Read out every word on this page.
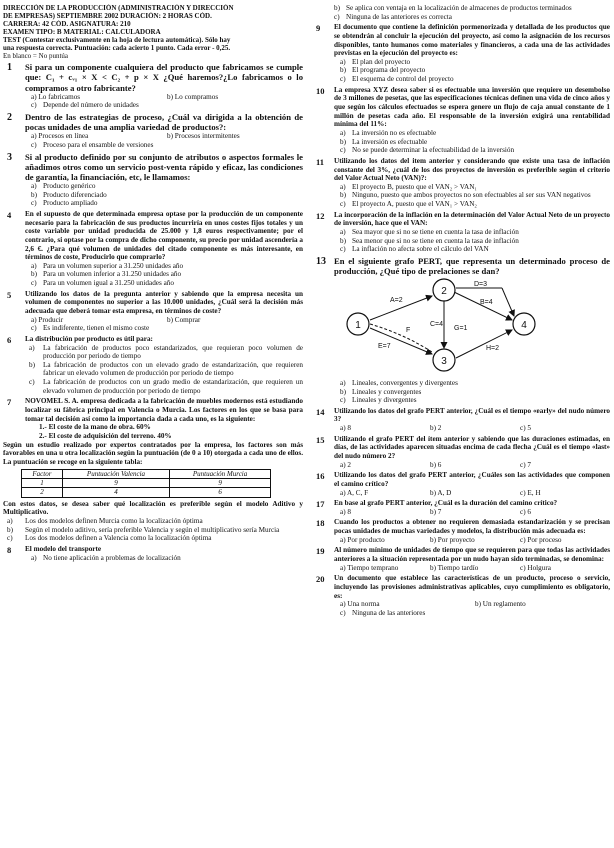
DIRECCIÓN DE LA PRODUCCIÓN (ADMINISTRACIÓN Y DIRECCIÓN
DE EMPRESAS) SEPTIEMBRE 2002 DURACIÓN: 2 HORAS CÓD.
CARRERA: 42 CÓD. ASIGNATURA: 210
EXAMEN TIPO: B MATERIAL: CALCULADORA
TEST (Contestar exclusivamente en la hoja de lectura automática). Sólo hay
una respuesta correcta. Puntuación: cada acierto 1 punto. Cada error - 0,25.
En blanco = No puntúa
1	Si para un componente cualquiera del producto que fabricamos se cumple que: C₁ + cᵥ₁ × X < C₂ + p × X ¿Qué haremos?¿Lo fabricamos o lo compramos a otro fabricante?
a) Lo fabricamos	b) Lo compramos
c) Depende del número de unidades
2	Dentro de las estrategias de proceso, ¿Cuál va dirigida a la obtención de pocas unidades de una amplia variedad de productos?:
a) Procesos en línea	b) Procesos intermitentes
c) Proceso para el ensamble de versiones
3	Si al producto definido por su conjunto de atributos o aspectos formales le añadimos otros como un servicio post-venta rápido y eficaz, las condiciones de garantía, la financiación, etc, le llamamos:
a) Producto genérico
b) Producto diferenciado
c) Producto ampliado
4	En el supuesto de que determinada empresa optase por la producción de un componente necesario para la fabricación de sus productos incurriría en unos costes fijos totales y un coste variable por unidad producida de 25.000 y 1,8 euros respectivamente; por el contrario, si optase por la compra de dicho componente, su precio por unidad ascendería a 2,6 €. ¿Para qué volumen de unidades del citado componente es más interesante, en términos de coste, Producirlo que comprarlo?
a) Para un volumen superior a 31.250 unidades año
b) Para un volumen inferior a 31.250 unidades año
c) Para un volumen igual a 31.250 unidades año
5	Utilizando los datos de la pregunta anterior y sabiendo que la empresa necesita un volumen de componentes no superior a las 10.000 unidades, ¿Cuál será la decisión más adecuada que deberá tomar esta empresa, en términos de coste?
a) Producir	b) Comprar
c) Es indiferente, tienen el mismo coste
6	La distribución por producto es útil para:
a)	La fabricación de productos poco estandarizados, que requieran poco volumen de producción por periodo de tiempo
b)	La fabricación de productos con un elevado grado de estandarización, que requieren fabricar un elevado volumen de producción por periodo de tiempo
c)	La fabricación de productos con un grado medio de estandarización, que requieren un elevado volumen de producción por periodo de tiempo
7	NOVOMEL S. A. empresa dedicada a la fabricación de muebles modernos está estudiando localizar su fábrica principal en Valencia o Murcia. Los factores en los que se basa para tomar tal decisión así como la importancia dada a cada uno, es la siguiente:
1.- El coste de la mano de obra. 60%
2.- El coste de adquisición del terreno. 40%
Según un estudio realizado por expertos contratados por la empresa, los factores son más favorables en una u otra localización según la puntuación (de 0 a 10) otorgada a cada uno de ellos. La puntuación se recoge en la siguiente tabla:
Factor	Puntuación Valencia	Puntuación Murcia
1	9	9
2	4	6
Con estos datos, se desea saber qué localización es preferible según el modelo Aditivo y Multiplicativo.
a)	Los dos modelos definen Murcia como la localización óptima
b)	Según el modelo aditivo, sería preferible Valencia y según el multiplicativo sería Murcia
c)	Los dos modelos definen a Valencia como la localización óptima
8	El modelo del transporte
a) No tiene aplicación a problemas de localización
b) Se aplica con ventaja en la localización de almacenes de productos terminados
c) Ninguna de las anteriores es correcta
9	El documento que contiene la definición pormenorizada y detallada de los productos que se obtendrán al concluir la ejecución del proyecto, así como la asignación de los recursos disponibles, tanto humanos como materiales y financieros, a cada una de las actividades previstas en la ejecución del proyecto es:
a) El plan del proyecto
b) El programa del proyecto
c) El esquema de control del proyecto
10	La empresa XYZ desea saber si es efectuable una inversión que requiere un desembolso de 3 millones de pesetas, que las especificaciones técnicas definen una vida de cinco años y que según los cálculos efectuados se espera genere un flujo de caja anual constante de 1 millón de pesetas cada año. El responsable de la inversión exigirá una rentabilidad mínima del 11%:
a) La inversión no es efectuable
b) La inversión es efectuable
c) No se puede determinar la efectuabilidad de la inversión
11	Utilizando los datos del item anterior y considerando que existe una tasa de inflación constante del 3%, ¿cuál de los dos proyectos de inversión es preferible según el criterio del Valor Actual Neto (VAN)?:
a) El proyecto B, puesto que el VAN₂ > VAN₁
b) Ninguno, puesto que ambos proyectos no son efectuables al ser sus VAN negativos
c) El proyecto A, puesto que el VAN₁ > VAN₂
12	La incorporación de la inflación en la determinación del Valor Actual Neto de un proyecto de inversión, hace que el VAN:
a) Sea mayor que si no se tiene en cuenta la tasa de inflación
b) Sea menor que si no se tiene en cuenta la tasa de inflación
c) La inflación no afecta sobre el cálculo del VAN
13 En el siguiente grafo PERT, que representa un determinado proceso de producción, ¿Qué tipo de prelaciones se dan?
1
2
3
4
A=2	B=4
C=4
D=3
E=7
F	G=1
H=2
a) Lineales, convergentes y divergentes
b) Lineales y convergentes
c) Lineales y divergentes
14	Utilizando los datos del grafo PERT anterior, ¿Cuál es el tiempo «early» del nudo número 3?
a) 8	b) 2	c) 5
15	Utilizando el grafo PERT del ítem anterior y sabiendo que las duraciones estimadas, en días, de las actividades aparecen situadas encima de cada flecha ¿Cuál es el tiempo «last» del nudo número 2?
a) 2	b) 6	c) 7
16	Utilizando los datos del grafo PERT anterior, ¿Cuáles son las actividades que componen el camino crítico?
a) A, C, F	b) A, D	c) E, H
17	En base al grafo PERT anterior, ¿Cuál es la duración del camino crítico?
a) 8	b) 7	c) 6
18	Cuando los productos a obtener no requieren demasiada estandarización y se precisan pocas unidades de muchas variedades y modelos, la distribución más adecuada es:
a) Por producto	b) Por proyecto	c) Por proceso
19	Al número mínimo de unidades de tiempo que se requieren para que todas las actividades anteriores a la situación representada por un nudo hayan sido terminadas, se denomina:
a) Tiempo temprano	b) Tiempo tardío	c) Holgura
20	Un documento que establece las características de un producto, proceso o servicio, incluyendo las provisiones administrativas aplicables, cuyo cumplimiento es obligatorio, es:
a) Una norma	b) Un reglamento
c) Ninguna de las anteriores
